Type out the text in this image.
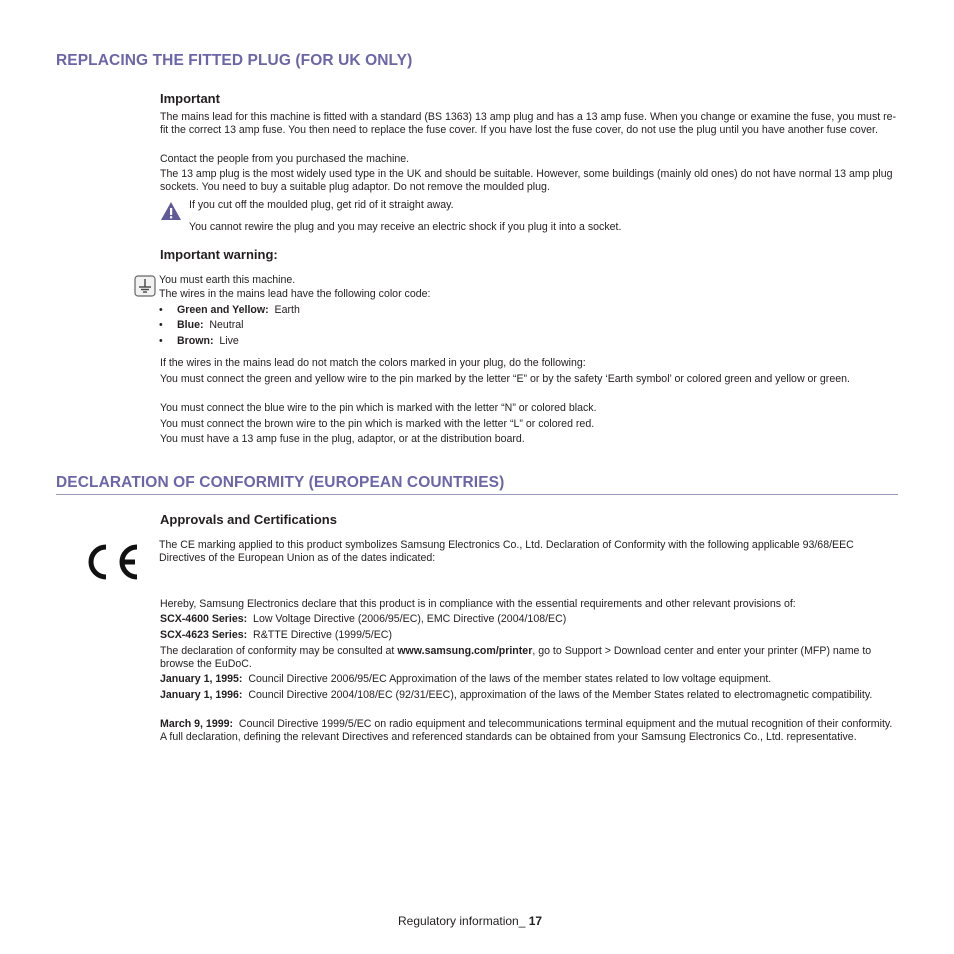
REPLACING THE FITTED PLUG (FOR UK ONLY)
Important
The mains lead for this machine is fitted with a standard (BS 1363) 13 amp plug and has a 13 amp fuse. When you change or examine the fuse, you must re-fit the correct 13 amp fuse. You then need to replace the fuse cover. If you have lost the fuse cover, do not use the plug until you have another fuse cover.
Contact the people from you purchased the machine.
The 13 amp plug is the most widely used type in the UK and should be suitable. However, some buildings (mainly old ones) do not have normal 13 amp plug sockets. You need to buy a suitable plug adaptor. Do not remove the moulded plug.
If you cut off the moulded plug, get rid of it straight away.
You cannot rewire the plug and you may receive an electric shock if you plug it into a socket.
Important warning:
You must earth this machine.
The wires in the mains lead have the following color code:
• Green and Yellow: Earth
• Blue: Neutral
• Brown: Live
If the wires in the mains lead do not match the colors marked in your plug, do the following:
You must connect the green and yellow wire to the pin marked by the letter “E” or by the safety ‘Earth symbol’ or colored green and yellow or green.
You must connect the blue wire to the pin which is marked with the letter “N” or colored black.
You must connect the brown wire to the pin which is marked with the letter “L” or colored red.
You must have a 13 amp fuse in the plug, adaptor, or at the distribution board.
DECLARATION OF CONFORMITY (EUROPEAN COUNTRIES)
Approvals and Certifications
The CE marking applied to this product symbolizes Samsung Electronics Co., Ltd. Declaration of Conformity with the following applicable 93/68/EEC Directives of the European Union as of the dates indicated:
Hereby, Samsung Electronics declare that this product is in compliance with the essential requirements and other relevant provisions of:
SCX-4600 Series: Low Voltage Directive (2006/95/EC), EMC Directive (2004/108/EC)
SCX-4623 Series: R&TTE Directive (1999/5/EC)
The declaration of conformity may be consulted at www.samsung.com/printer, go to Support > Download center and enter your printer (MFP) name to browse the EuDoC.
January 1, 1995: Council Directive 2006/95/EC Approximation of the laws of the member states related to low voltage equipment.
January 1, 1996: Council Directive 2004/108/EC (92/31/EEC), approximation of the laws of the Member States related to electromagnetic compatibility.
March 9, 1999: Council Directive 1999/5/EC on radio equipment and telecommunications terminal equipment and the mutual recognition of their conformity. A full declaration, defining the relevant Directives and referenced standards can be obtained from your Samsung Electronics Co., Ltd. representative.
Regulatory information_ 17
